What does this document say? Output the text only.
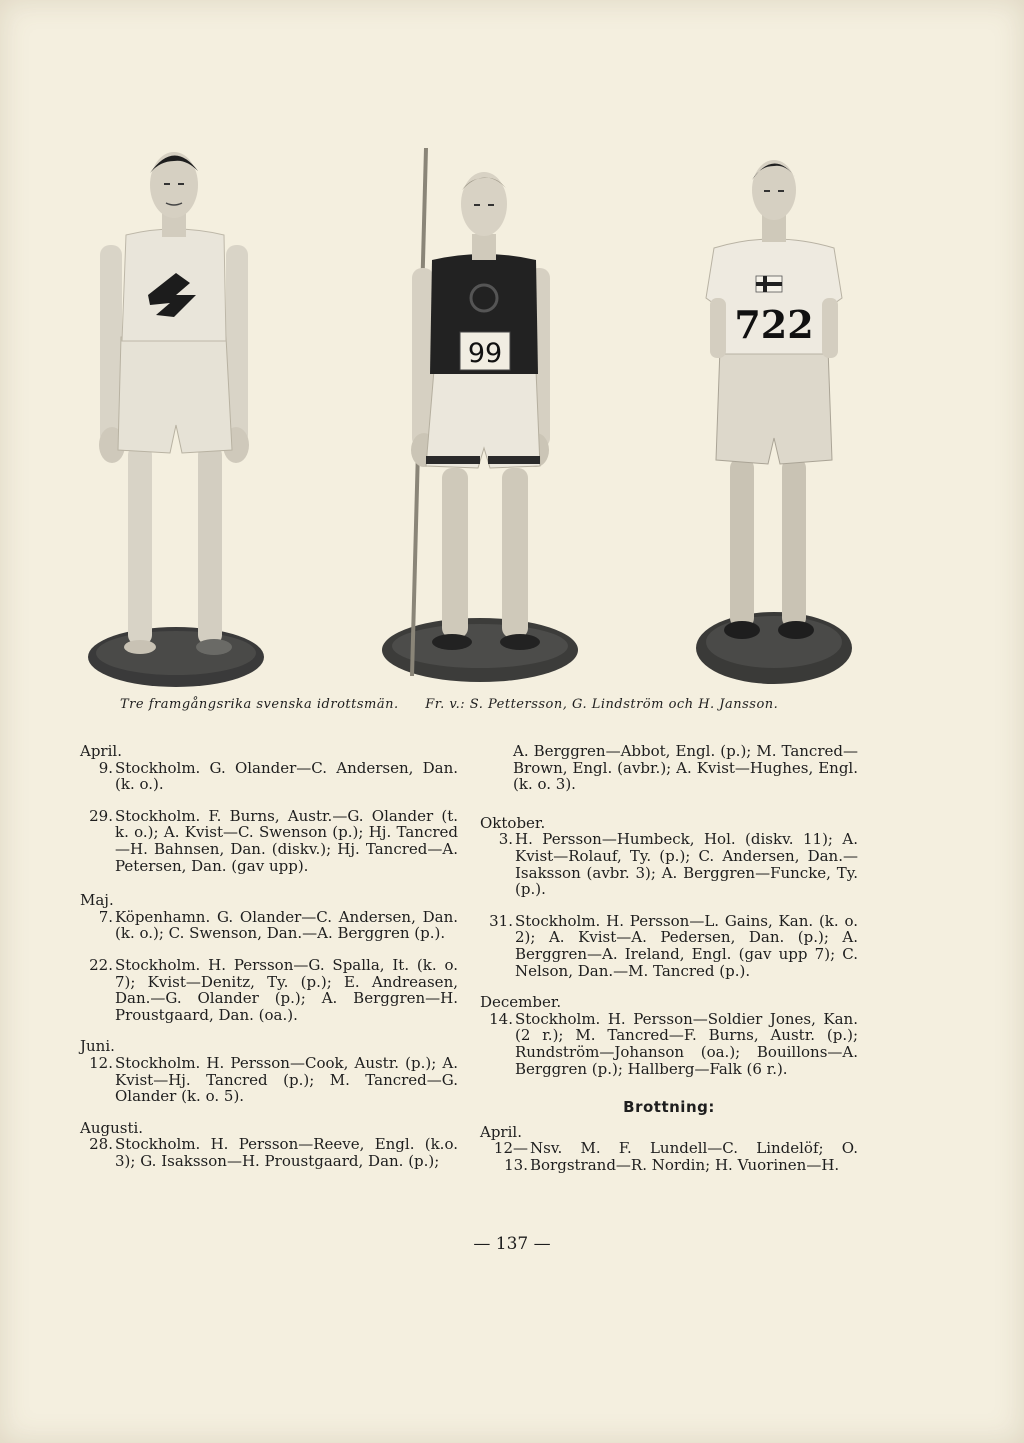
99
722
Tre framgångsrika svenska idrottsmän. Fr. v.: S. Pettersson, G. Lindström och H. Jansson.

April.

9. Stockholm. G. Olander—C. Andersen, Dan. (k. o.).
29. Stockholm. F. Burns, Austr.—G. Olander (t. k. o.); A. Kvist—C. Swenson (p.); Hj. Tancred—H. Bahnsen, Dan. (diskv.); Hj. Tancred—A. Petersen, Dan. (gav upp).

Maj.

7. Köpenhamn. G. Olander—C. Andersen, Dan. (k. o.); C. Swenson, Dan.—A. Berggren (p.).
22. Stockholm. H. Persson—G. Spalla, It. (k. o. 7); Kvist—Denitz, Ty. (p.); E. Andreasen, Dan.—G. Olander (p.); A. Berggren—H. Proustgaard, Dan. (oa.).

Juni.

12. Stockholm. H. Persson—Cook, Austr. (p.); A. Kvist—Hj. Tancred (p.); M. Tancred—G. Olander (k. o. 5).

Augusti.

28. Stockholm. H. Persson—Reeve, Engl. (k.o. 3); G. Isaksson—H. Proustgaard, Dan. (p.);
A. Berggren—Abbot, Engl. (p.); M. Tancred—Brown, Engl. (avbr.); A. Kvist—Hughes, Engl. (k. o. 3).

Oktober.

3. H. Persson—Humbeck, Hol. (diskv. 11); A. Kvist—Rolauf, Ty. (p.); C. Andersen, Dan.—Isaksson (avbr. 3); A. Berggren—Funcke, Ty. (p.).
31. Stockholm. H. Persson—L. Gains, Kan. (k. o. 2); A. Kvist—A. Pedersen, Dan. (p.); A. Berggren—A. Ireland, Engl. (gav upp 7); C. Nelson, Dan.—M. Tancred (p.).

December.

14. Stockholm. H. Persson—Soldier Jones, Kan. (2 r.); M. Tancred—F. Burns, Austr. (p.); Rundström—Johanson (oa.); Bouillons—A. Berggren (p.); Hallberg—Falk (6 r.).
Brottning:

April.

12—13.
Nsv. M. F. Lundell—C. Lindelöf; O. Borgstrand—R. Nordin; H. Vuorinen—H.
— 137 —
